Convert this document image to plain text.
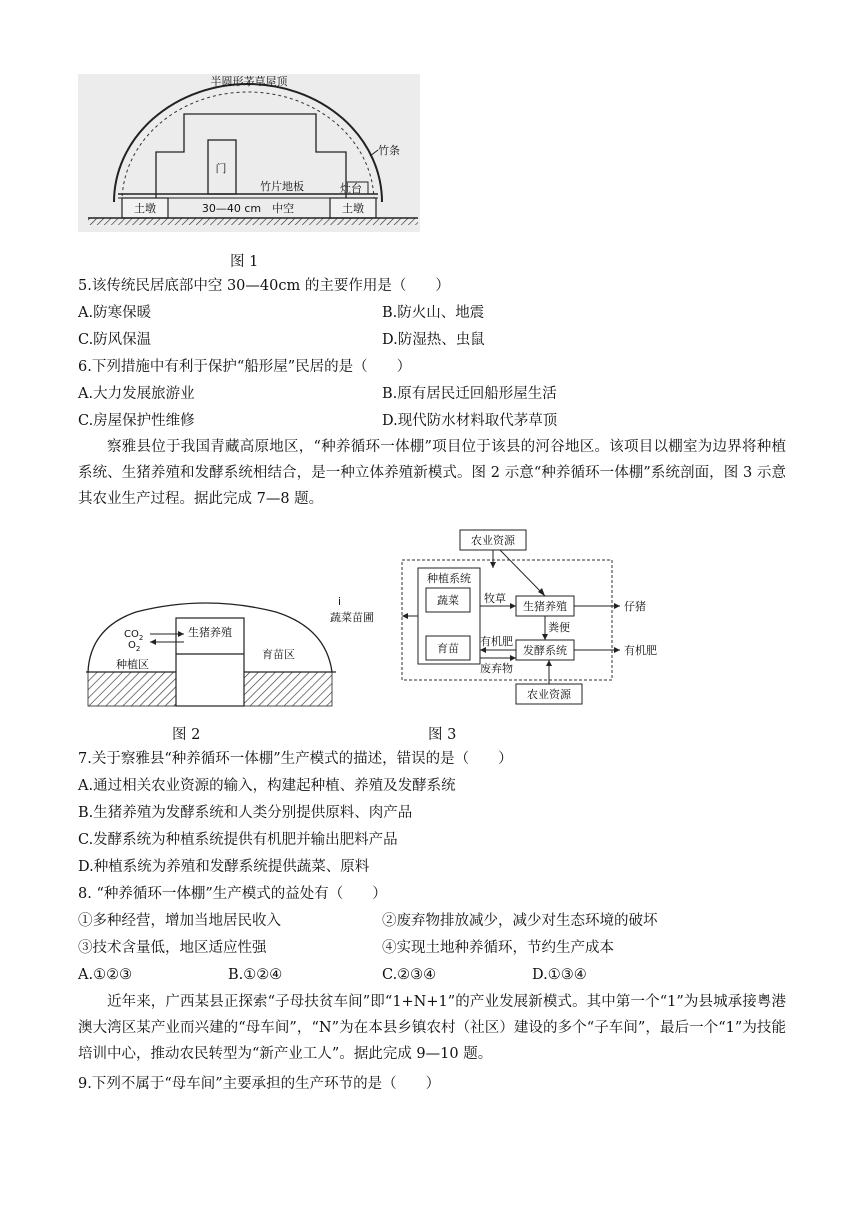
半圆形茅草屋顶
门
竹条
竹片地板	灶台
土墩	土墩
30—40 cm　中空
图 1
5.该传统民居底部中空 30—40cm 的主要作用是（　　）
A.防寒保暖	B.防火山、地震
C.防风保温	D.防湿热、虫鼠
6.下列措施中有利于保护“船形屋”民居的是（　　）
A.大力发展旅游业	B.原有居民迁回船形屋生活
C.房屋保护性维修	D.现代防水材料取代茅草顶
察雅县位于我国青藏高原地区，“种养循环一体棚”项目位于该县的河谷地区。该项目以棚室为边界将种植系统、生猪养殖和发酵系统相结合，是一种立体养殖新模式。图 2 示意“种养循环一体棚”系统剖面，图 3 示意其农业生产过程。据此完成 7—8 题。
$CO_2$
$O_2$
生猪养殖
种植区
育苗区
图 2
农业资源
种植系统
蔬菜
育苗
生猪养殖
发酵系统
农业资源
牧草
粪便
有机肥
废弃物
仔猪
有机肥
蔬菜苗圃
i
图 3
7.关于察雅县“种养循环一体棚”生产模式的描述，错误的是（　　）
A.通过相关农业资源的输入，构建起种植、养殖及发酵系统
B.生猪养殖为发酵系统和人类分别提供原料、肉产品
C.发酵系统为种植系统提供有机肥并输出肥料产品
D.种植系统为养殖和发酵系统提供蔬菜、原料
8. “种养循环一体棚”生产模式的益处有（　　）
①多种经营，增加当地居民收入	②废弃物排放减少，减少对生态环境的破坏
③技术含量低，地区适应性强	④实现土地种养循环，节约生产成本
A.①②③	B.①②④	C.②③④	D.①③④
近年来，广西某县正探索“子母扶贫车间”即“1+N+1”的产业发展新模式。其中第一个“1”为县城承接粤港澳大湾区某产业而兴建的“母车间”，“N”为在本县乡镇农村（社区）建设的多个“子车间”，最后一个“1”为技能培训中心，推动农民转型为“新产业工人”。据此完成 9—10 题。
9.下列不属于“母车间”主要承担的生产环节的是（　　）
